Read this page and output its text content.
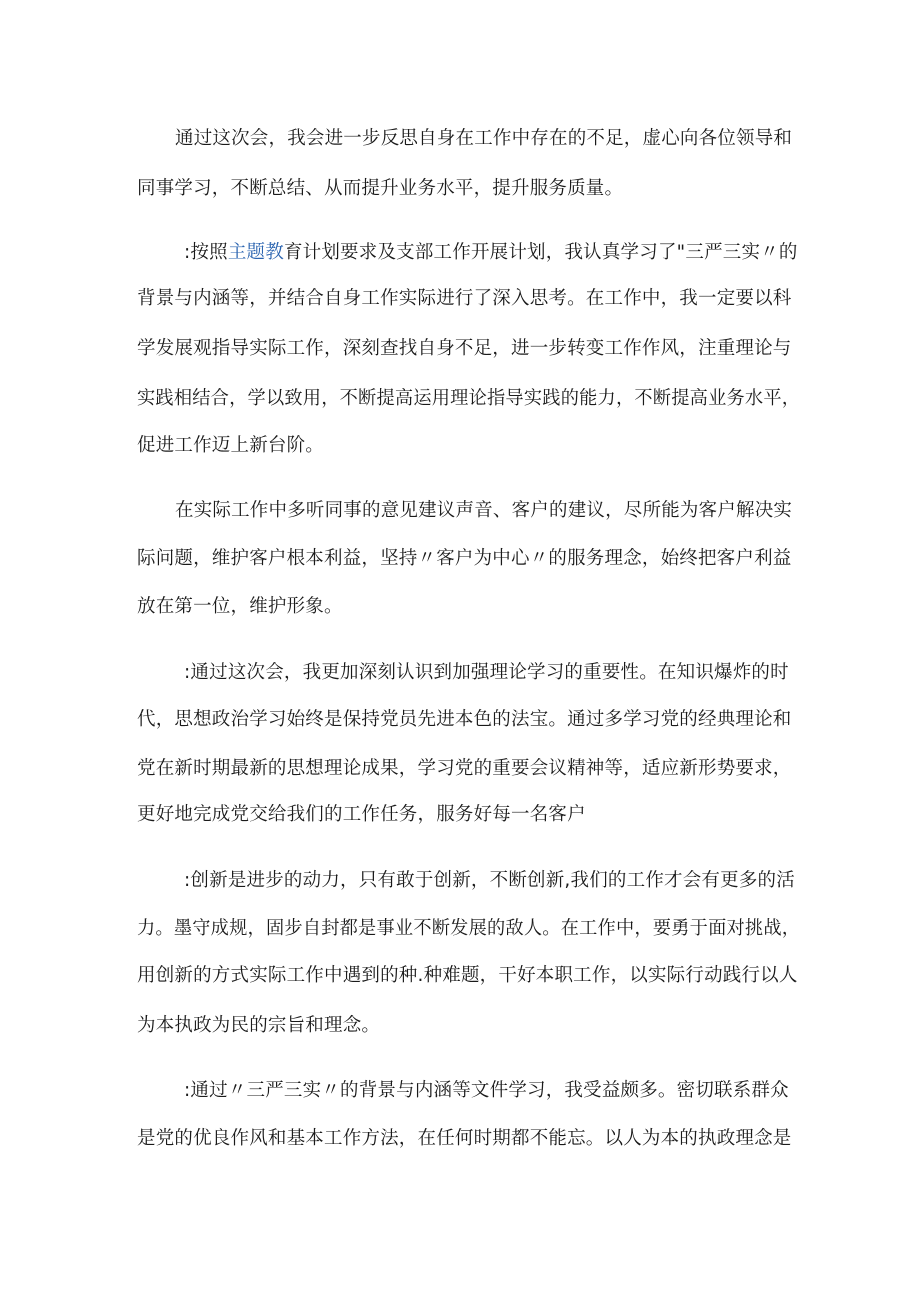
通过这次会，我会进一步反思自身在工作中存在的不足，虚心向各位领导和
同事学习，不断总结、从而提升业务水平，提升服务质量。
:按照主题教育计划要求及支部工作开展计划，我认真学习了"三严三实〃的
背景与内涵等，并结合自身工作实际进行了深入思考。在工作中，我一定要以科
学发展观指导实际工作，深刻查找自身不足，进一步转变工作作风，注重理论与
实践相结合，学以致用，不断提高运用理论指导实践的能力，不断提高业务水平，
促进工作迈上新台阶。
在实际工作中多听同事的意见建议声音、客户的建议，尽所能为客户解决实
际问题，维护客户根本利益，坚持〃客户为中心〃的服务理念，始终把客户利益
放在第一位，维护形象。
:通过这次会，我更加深刻认识到加强理论学习的重要性。在知识爆炸的时
代，思想政治学习始终是保持党员先进本色的法宝。通过多学习党的经典理论和
党在新时期最新的思想理论成果，学习党的重要会议精神等，适应新形势要求，
更好地完成党交给我们的工作任务，服务好每一名客户
:创新是进步的动力，只有敢于创新，不断创新,我们的工作才会有更多的活
力。墨守成规，固步自封都是事业不断发展的敌人。在工作中，要勇于面对挑战，
用创新的方式实际工作中遇到的种.种难题，干好本职工作，以实际行动践行以人
为本执政为民的宗旨和理念。
:通过〃三严三实〃的背景与内涵等文件学习，我受益颇多。密切联系群众
是党的优良作风和基本工作方法，在任何时期都不能忘。以人为本的执政理念是
